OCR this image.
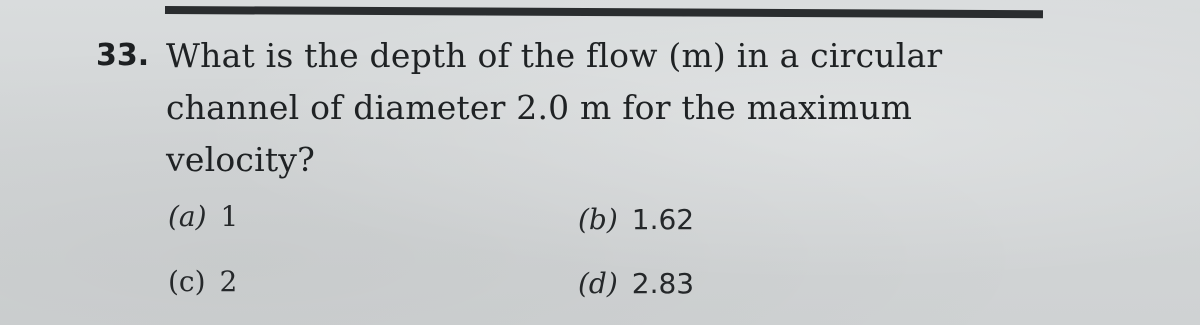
33. What is the depth of the flow (m) in a circular
channel of diameter 2.0 m for the maximum
velocity?
(a) 1	(b) 1.62
(c) 2	(d) 2.83
